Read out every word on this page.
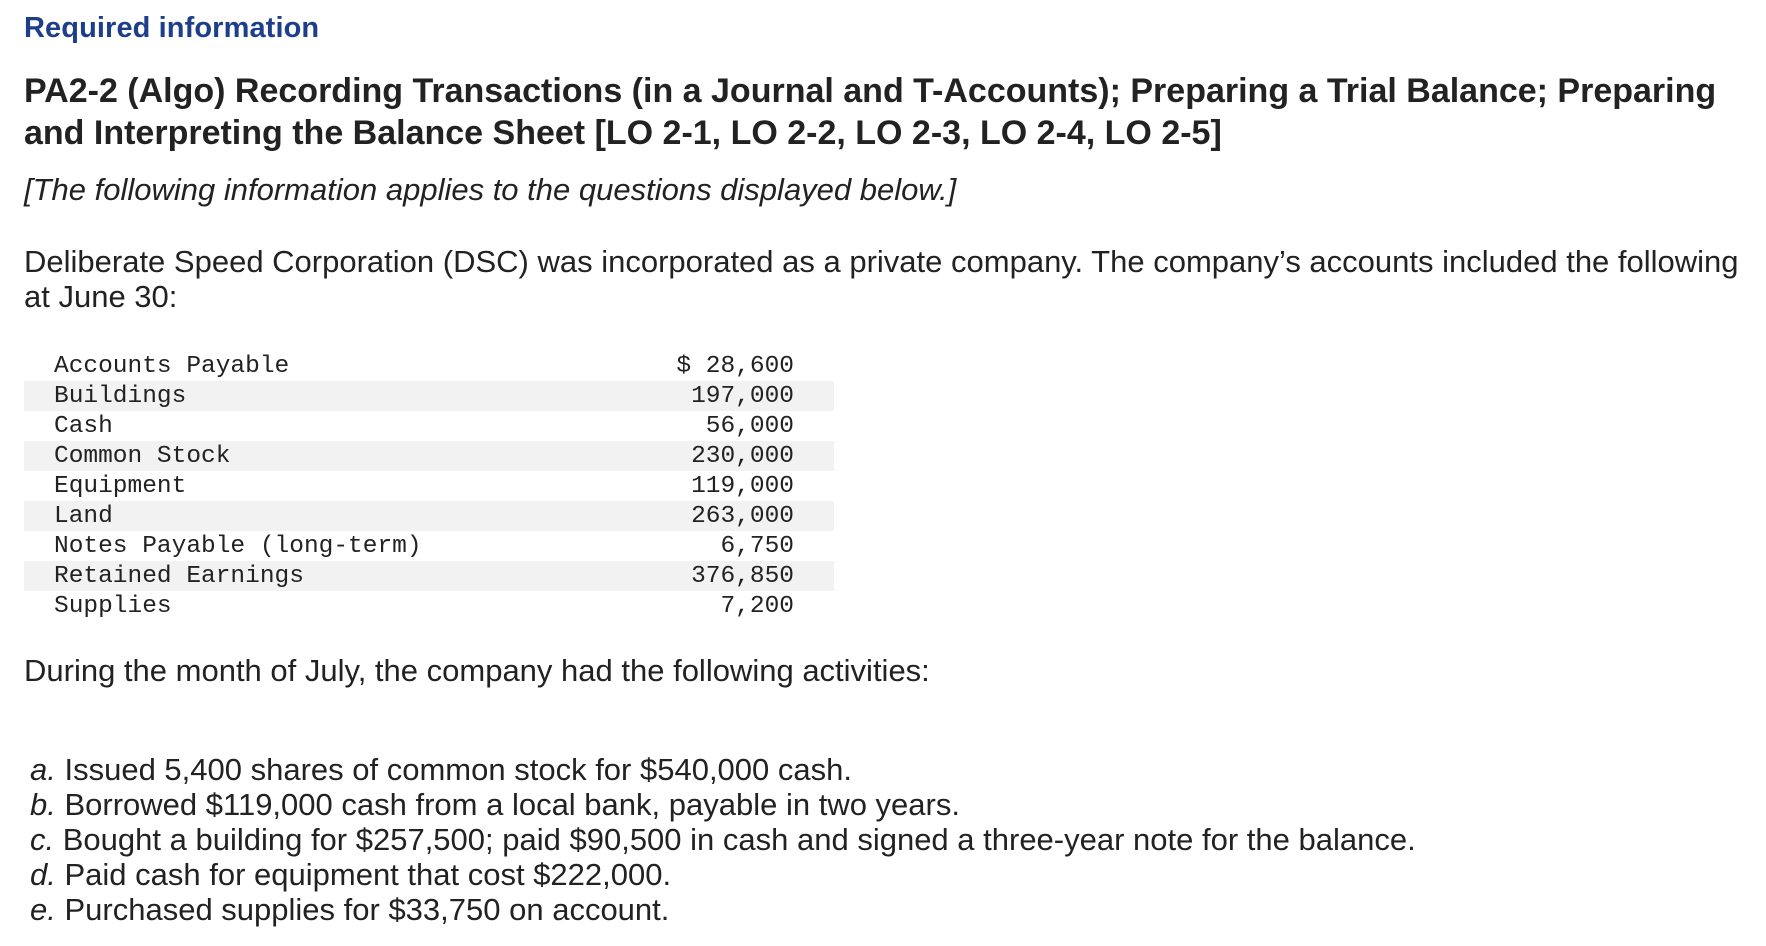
Required information
PA2-2 (Algo) Recording Transactions (in a Journal and T-Accounts); Preparing a Trial Balance; Preparing and Interpreting the Balance Sheet [LO 2-1, LO 2-2, LO 2-3, LO 2-4, LO 2-5]
[The following information applies to the questions displayed below.]
Deliberate Speed Corporation (DSC) was incorporated as a private company. The company’s accounts included the following at June 30:
Accounts Payable	$ 28,600
Buildings	197,000
Cash	56,000
Common Stock	230,000
Equipment	119,000
Land	263,000
Notes Payable (long-term)	6,750
Retained Earnings	376,850
Supplies	7,200
During the month of July, the company had the following activities:
a. Issued 5,400 shares of common stock for $540,000 cash.
b. Borrowed $119,000 cash from a local bank, payable in two years.
c. Bought a building for $257,500; paid $90,500 in cash and signed a three-year note for the balance.
d. Paid cash for equipment that cost $222,000.
e. Purchased supplies for $33,750 on account.
